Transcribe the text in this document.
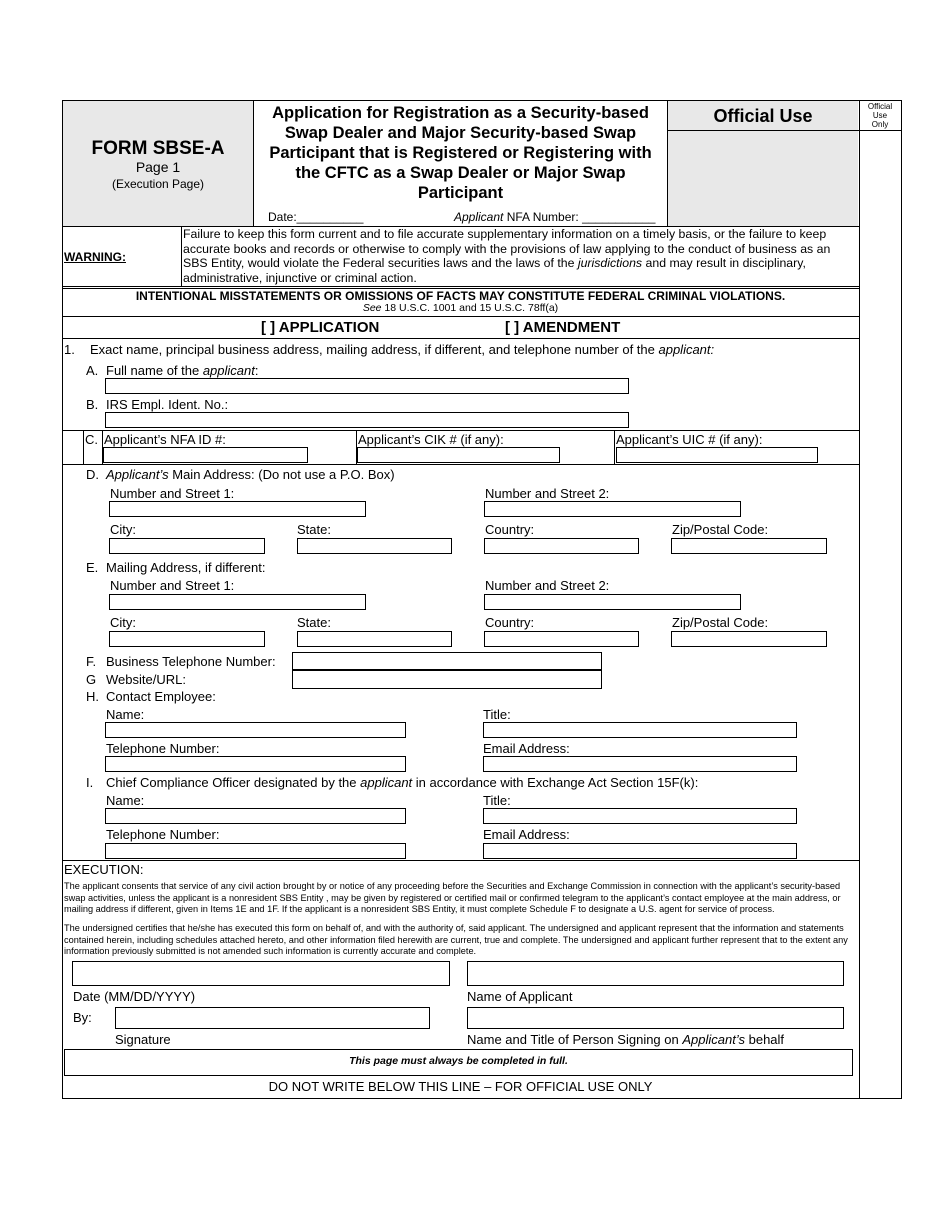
FORM SBSE-A
Page 1
(Execution Page)
Application for Registration as a Security-based Swap Dealer and Major Security-based Swap Participant that is Registered or Registering with the CFTC as a Swap Dealer or Major Swap Participant
Date:__________	Applicant NFA Number: ___________
Official Use	Official Use Only
WARNING:
Failure to keep this form current and to file accurate supplementary information on a timely basis, or the failure to keep accurate books and records or otherwise to comply with the provisions of law applying to the conduct of business as an SBS Entity, would violate the Federal securities laws and the laws of the jurisdictions and may result in disciplinary, administrative, injunctive or criminal action.
INTENTIONAL MISSTATEMENTS OR OMISSIONS OF FACTS MAY CONSTITUTE FEDERAL CRIMINAL VIOLATIONS.
See 18 U.S.C. 1001 and 15 U.S.C. 78ff(a)
[ ] APPLICATION	[ ] AMENDMENT
1. Exact name, principal business address, mailing address, if different, and telephone number of the applicant:
A. Full name of the applicant:
B. IRS Empl. Ident. No.:
C. Applicant’s NFA ID #:	Applicant’s CIK # (if any):	Applicant’s UIC # (if any):
D. Applicant’s Main Address: (Do not use a P.O. Box)
Number and Street 1:	Number and Street 2:
City:	State:	Country:	Zip/Postal Code:
E. Mailing Address, if different:
Number and Street 1:	Number and Street 2:
City:	State:	Country:	Zip/Postal Code:
F. Business Telephone Number:
G Website/URL:
H. Contact Employee:
Name:	Title:
Telephone Number:	Email Address:
I. Chief Compliance Officer designated by the applicant in accordance with Exchange Act Section 15F(k):
Name:	Title:
Telephone Number:	Email Address:
EXECUTION:
The applicant consents that service of any civil action brought by or notice of any proceeding before the Securities and Exchange Commission in connection with the applicant’s security-based swap activities, unless the applicant is a nonresident SBS Entity , may be given by registered or certified mail or confirmed telegram to the applicant’s contact employee at the main address, or mailing address if different, given in Items 1E and 1F. If the applicant is a nonresident SBS Entity, it must complete Schedule F to designate a U.S. agent for service of process.
The undersigned certifies that he/she has executed this form on behalf of, and with the authority of, said applicant. The undersigned and applicant represent that the information and statements contained herein, including schedules attached hereto, and other information filed herewith are current, true and complete. The undersigned and applicant further represent that to the extent any information previously submitted is not amended such information is currently accurate and complete.
Date (MM/DD/YYYY)	Name of Applicant
By:
Signature	Name and Title of Person Signing on Applicant’s behalf
This page must always be completed in full.
DO NOT WRITE BELOW THIS LINE – FOR OFFICIAL USE ONLY
